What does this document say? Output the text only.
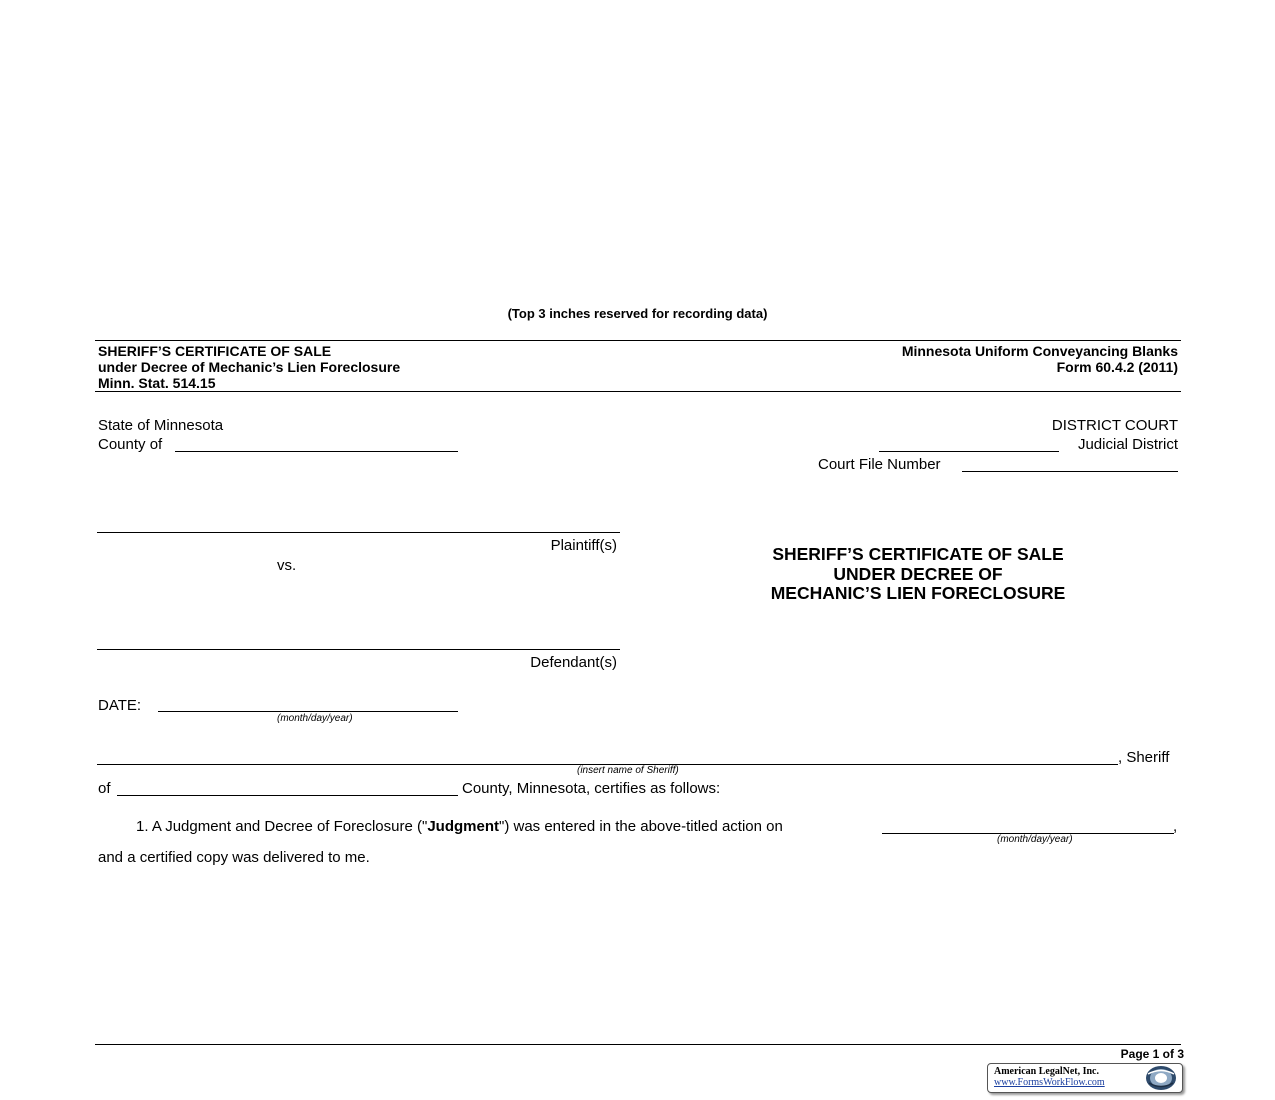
(Top 3 inches reserved for recording data)
SHERIFF’S CERTIFICATE OF SALE
under Decree of Mechanic’s Lien Foreclosure
Minn. Stat. 514.15
Minnesota Uniform Conveyancing Blanks
Form 60.4.2 (2011)
State of Minnesota
County of
DISTRICT COURT
Judicial District
Court File Number
Plaintiff(s)
vs.
Defendant(s)
SHERIFF’S CERTIFICATE OF SALE
UNDER DECREE OF
MECHANIC’S LIEN FORECLOSURE
DATE:
(month/day/year)
, Sheriff
(insert name of Sheriff)
of	County, Minnesota, certifies as follows:
1. A Judgment and Decree of Foreclosure ("Judgment") was entered in the above-titled action on	,
(month/day/year)
and a certified copy was delivered to me.
Page 1 of 3
American LegalNet, Inc.
www.FormsWorkFlow.com
